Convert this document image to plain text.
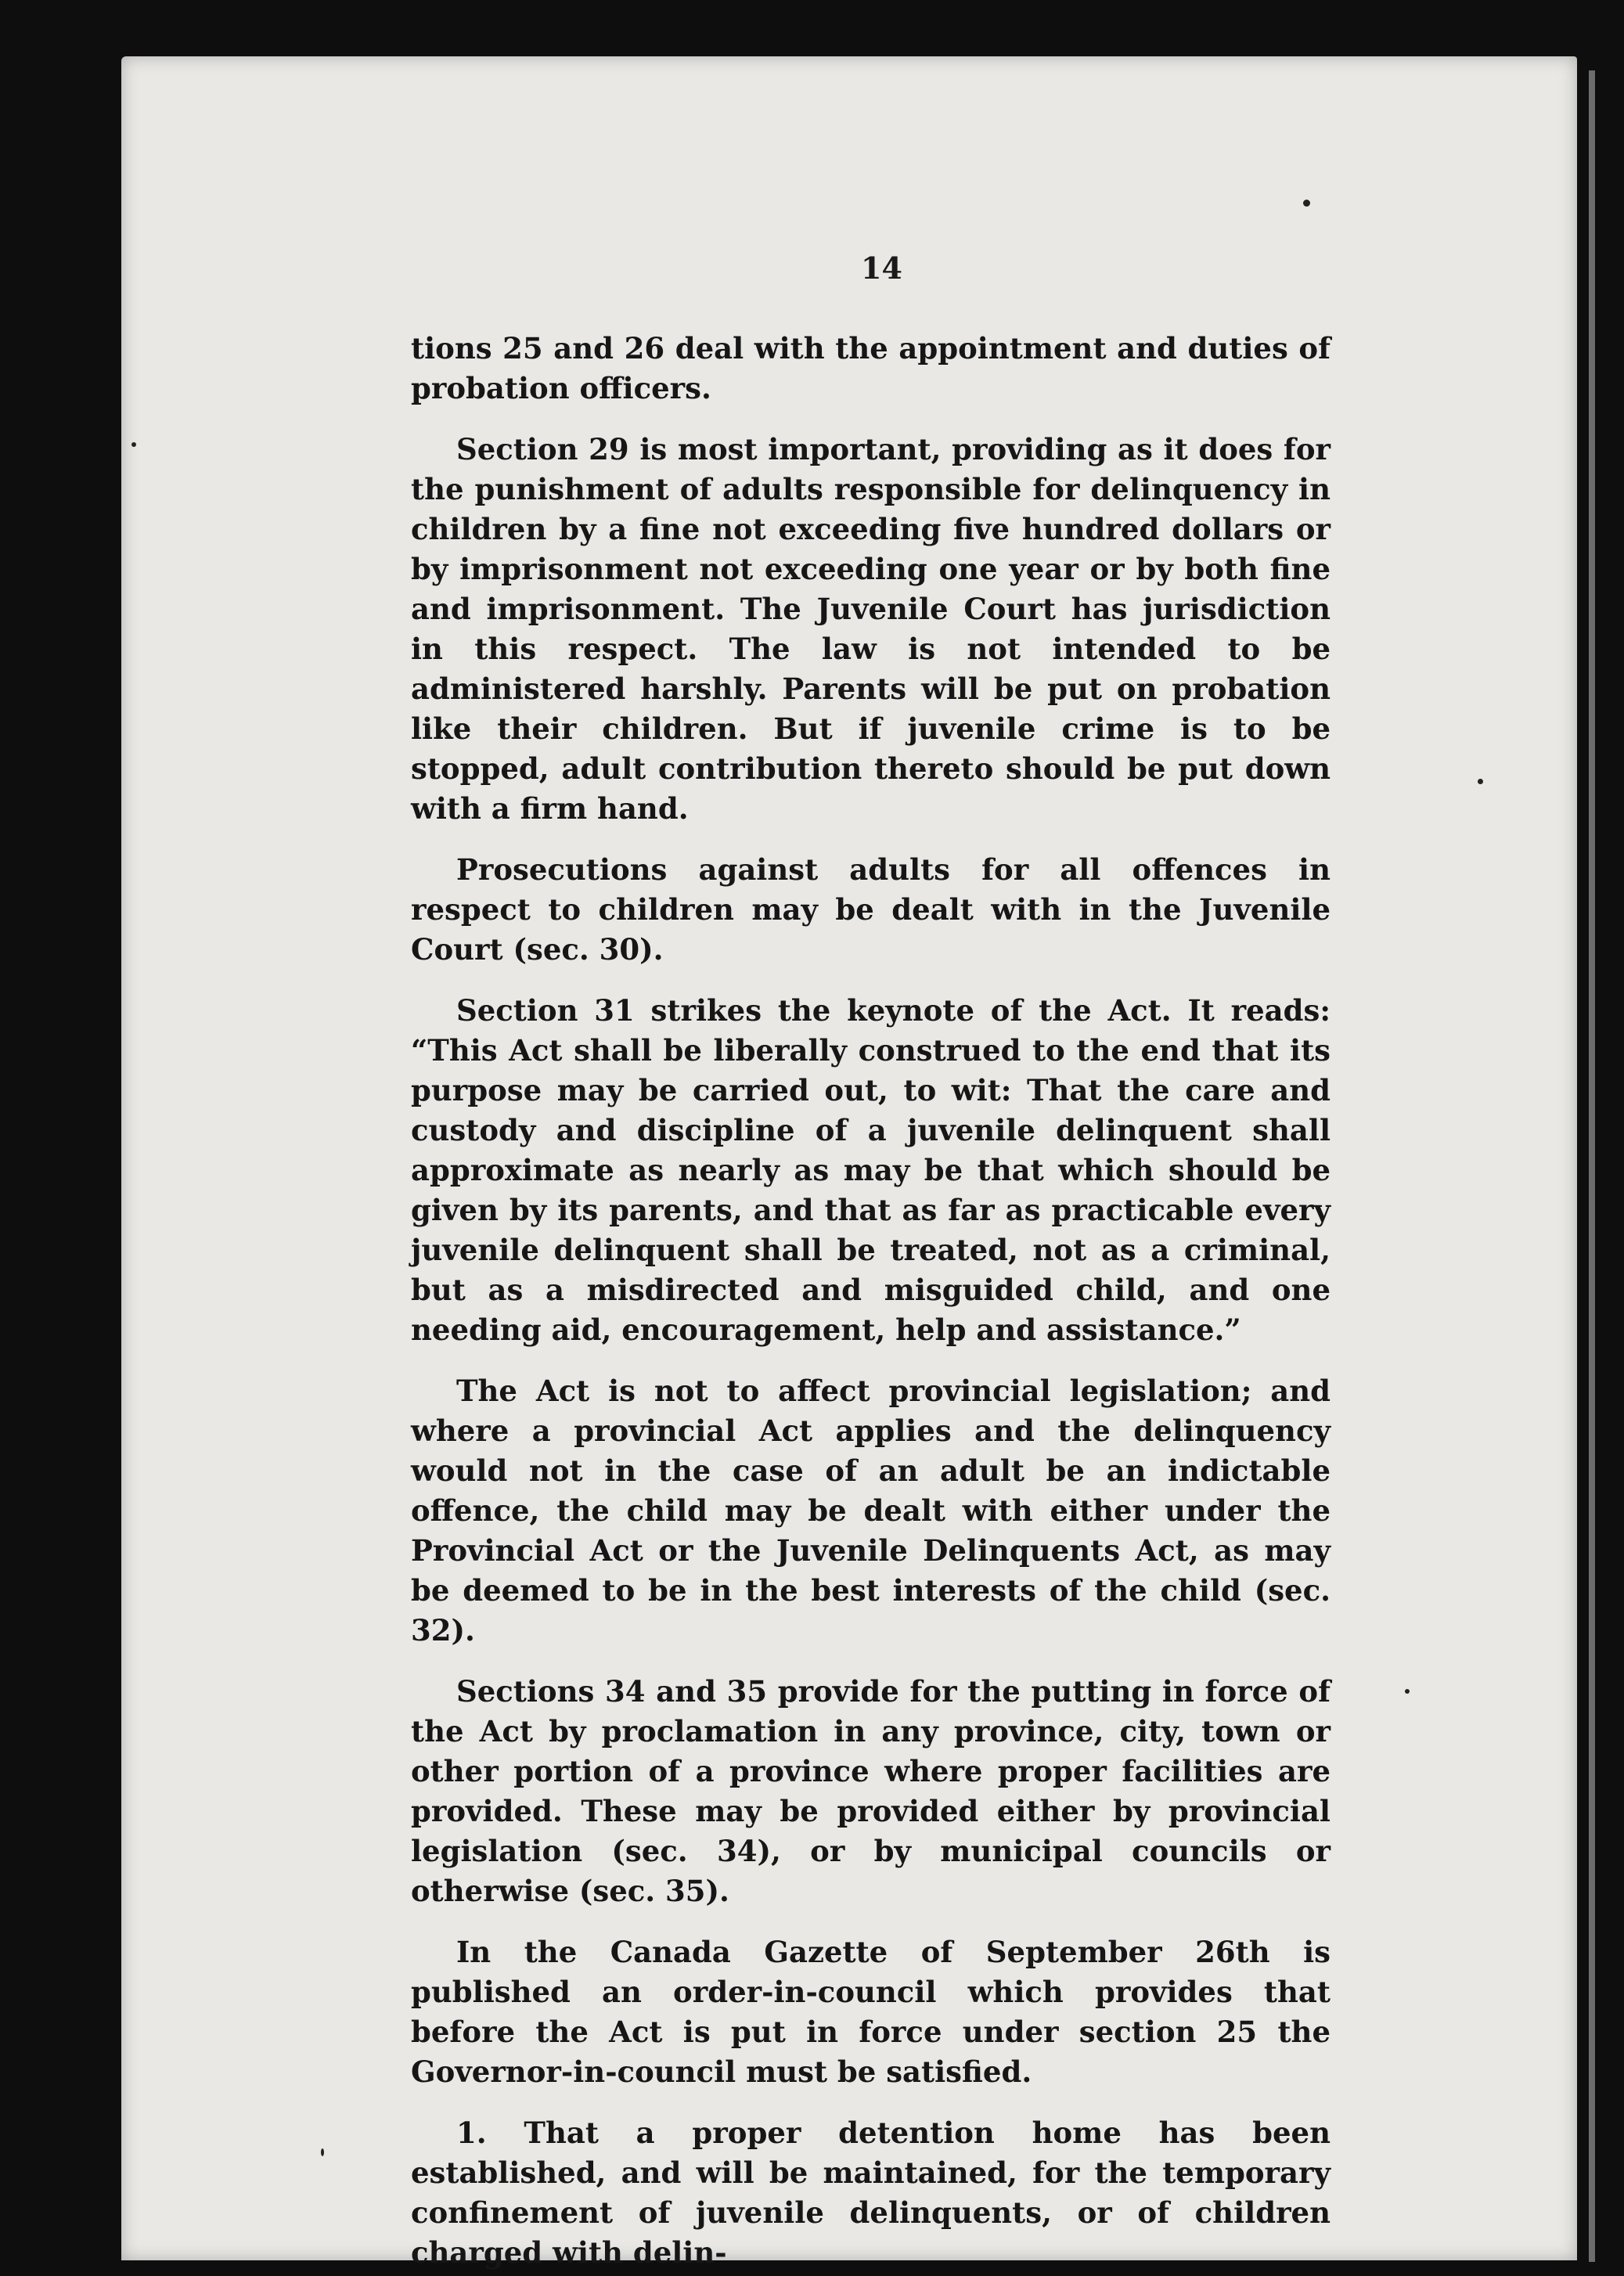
14

tions 25 and 26 deal with the appointment and duties of probation officers.

Section 29 is most important, providing as it does for the punishment of adults responsible for delinquency in children by a fine not exceeding five hundred dollars or by imprisonment not exceeding one year or by both fine and imprisonment. The Juvenile Court has jurisdiction in this respect. The law is not intended to be administered harshly. Parents will be put on probation like their children. But if juvenile crime is to be stopped, adult contribution thereto should be put down with a firm hand.

Prosecutions against adults for all offences in respect to children may be dealt with in the Juvenile Court (sec. 30).

Section 31 strikes the keynote of the Act. It reads: “This Act shall be liberally construed to the end that its purpose may be carried out, to wit: That the care and custody and discipline of a juvenile delinquent shall approximate as nearly as may be that which should be given by its parents, and that as far as practicable every juvenile delinquent shall be treated, not as a criminal, but as a misdirected and misguided child, and one needing aid, encouragement, help and assistance.”

The Act is not to affect provincial legislation; and where a provincial Act applies and the delinquency would not in the case of an adult be an indictable offence, the child may be dealt with either under the Provincial Act or the Juvenile Delinquents Act, as may be deemed to be in the best interests of the child (sec. 32).

Sections 34 and 35 provide for the putting in force of the Act by proclamation in any province, city, town or other portion of a province where proper facilities are provided. These may be provided either by provincial legislation (sec. 34), or by municipal councils or otherwise (sec. 35).

In the Canada Gazette of September 26th is published an order-in-council which provides that before the Act is put in force under section 25 the Governor-in-council must be satisfied.

1. That a proper detention home has been established, and will be maintained, for the temporary confinement of juvenile delinquents, or of children charged with delin-
